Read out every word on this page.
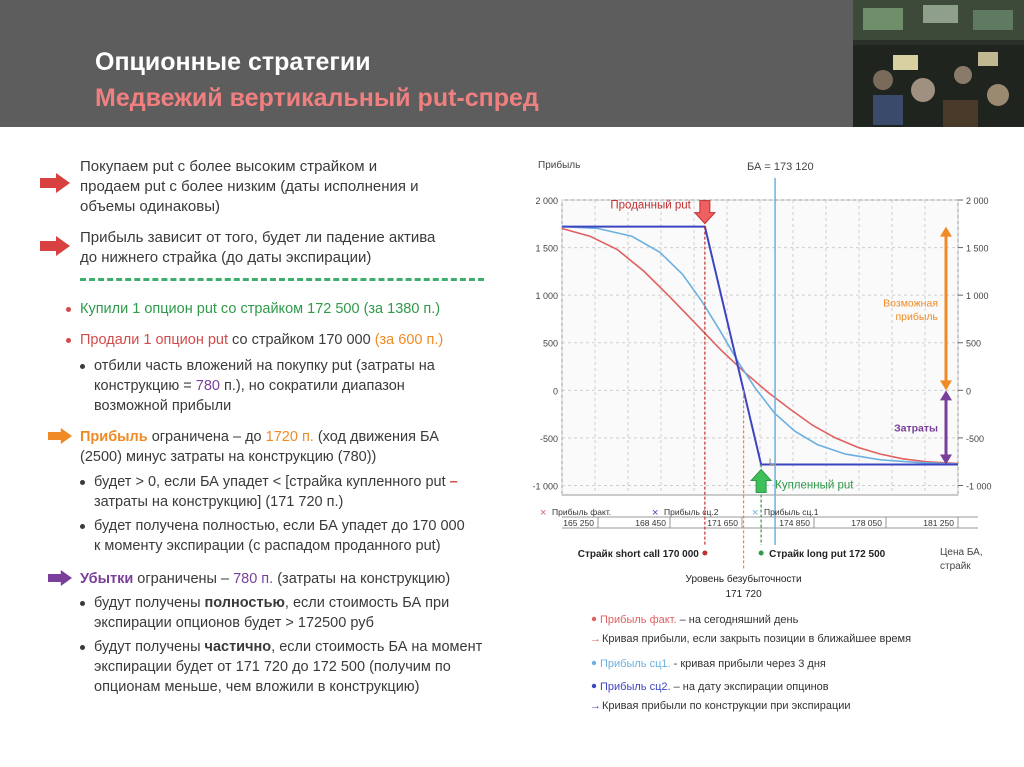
Опционные стратегии
Медвежий вертикальный put-спред
Покупаем put с более высоким страйком и
продаем put с более низким (даты исполнения и
объемы одинаковы)
Прибыль зависит от того, будет ли падение актива
до нижнего страйка (до даты экспирации)
Купили 1 опцион put со страйком 172 500 (за 1380 п.)
Продали 1 опцион put со страйком 170 000 (за 600 п.)
отбили часть вложений на покупку put (затраты на
конструкцию = 780 п.), но сократили диапазон
возможной прибыли
Прибыль ограничена – до 1720 п. (ход движения БА
(2500) минус затраты на конструкцию (780))
будет > 0, если БА упадет < [страйка купленного put –
затраты на конструкцию] (171 720 п.)
будет получена полностью, если БА упадет до 170 000
к моменту экспирации (с распадом проданного put)
Убытки ограничены – 780 п. (затраты на конструкцию)
будут получены полностью, если стоимость БА при
экспирации опционов будет > 172500 руб
будут получены частично, если стоимость БА на момент
экспирации будет от 171 720 до 172 500 (получим по
опционам меньше, чем вложили в конструкцию)
Прибыль	БА = 173 120
2 000
1 500
1 000
500
0
-500
-1 000
2 000
1 500
1 000
500
0
-500
-1 000
165 250	168 450	171 650	174 850	178 050	181 250
Проданный put
Купленный put
Возможная
прибыль
Затраты
× Прибыль факт.	× Прибыль сц.2	× Прибыль сц.1
Страйк short call 170 000	Страйк long put 172 500
Уровень безубыточности
171 720
Цена БА,
страйк
Прибыль факт. – на сегодняшний день
→ Кривая прибыли, если закрыть позиции в ближайшее время
Прибыль сц1. - кривая прибыли через 3 дня
Прибыль сц2. – на дату экспирации опцинов
→ Кривая прибыли по конструкции при экспирации
